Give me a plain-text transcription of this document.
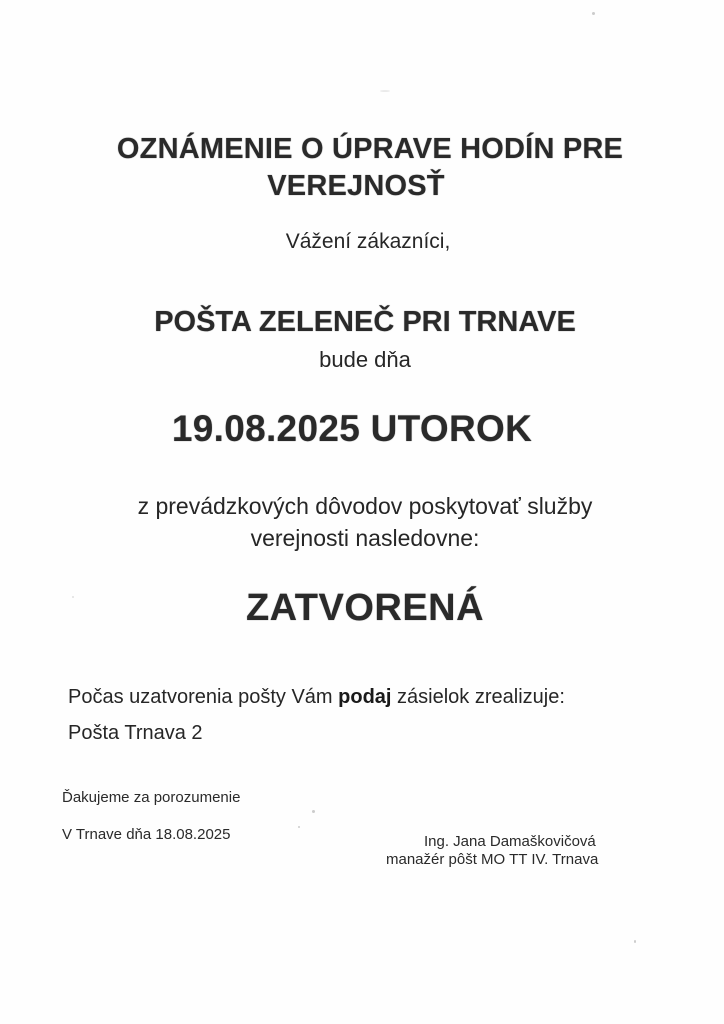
OZNÁMENIE O ÚPRAVE HODÍN PRE
VEREJNOSŤ
Vážení zákazníci,
POŠTA ZELENEČ PRI TRNAVE
bude dňa
19.08.2025 UTOROK
z prevádzkových dôvodov poskytovať služby
verejnosti nasledovne:
ZATVORENÁ
Počas uzatvorenia pošty Vám podaj zásielok zrealizuje:
Pošta Trnava 2
Ďakujeme za porozumenie
V Trnave dňa 18.08.2025	Ing. Jana Damaškovičová
manažér pôšt MO TT IV. Trnava
